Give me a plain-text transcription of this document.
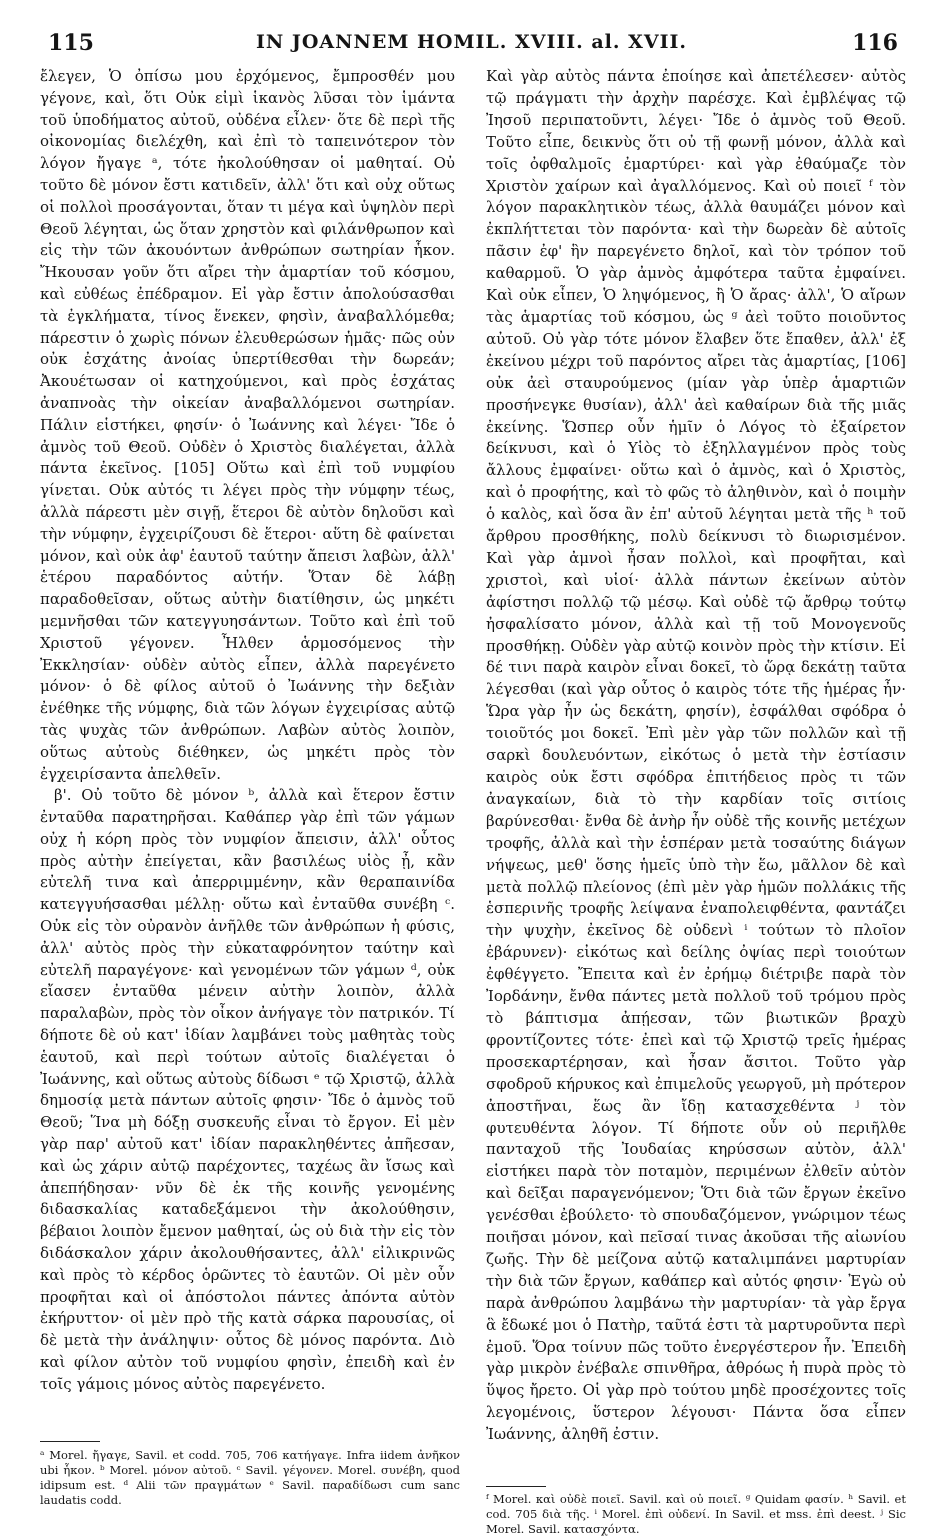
115	IN JOANNEM HOMIL. XVIII. al. XVII.	116

ἔλεγεν, Ὁ ὀπίσω μου ἐρχόμενος, ἔμπροσθέν μου γέγονε, καὶ, ὅτι Οὐκ εἰμὶ ἱκανὸς λῦσαι τὸν ἱμάντα τοῦ ὑποδήματος αὐτοῦ, οὐδένα εἶλεν· ὅτε δὲ περὶ τῆς οἰκονομίας διελέχθη, καὶ ἐπὶ τὸ ταπεινότερον τὸν λόγον ἤγαγε ᵃ, τότε ἠκολούθησαν οἱ μαθηταί. Οὐ τοῦτο δὲ μόνον ἔστι κατιδεῖν, ἀλλ' ὅτι καὶ οὐχ οὕτως οἱ πολλοὶ προσάγονται, ὅταν τι μέγα καὶ ὑψηλὸν περὶ Θεοῦ λέγηται, ὡς ὅταν χρηστὸν καὶ φιλάνθρωπον καὶ εἰς τὴν τῶν ἀκουόντων ἀνθρώπων σωτηρίαν ἧκον. Ἤκουσαν γοῦν ὅτι αἴρει τὴν ἁμαρτίαν τοῦ κόσμου, καὶ εὐθέως ἐπέδραμον. Εἰ γὰρ ἔστιν ἀπολούσασθαι τὰ ἐγκλήματα, τίνος ἕνεκεν, φησὶν, ἀναβαλλόμεθα; πάρεστιν ὁ χωρὶς πόνων ἐλευθερώσων ἡμᾶς· πῶς οὐν οὐκ ἐσχάτης ἀνοίας ὑπερτίθεσθαι τὴν δωρεάν; Ἀκουέτωσαν οἱ κατηχούμενοι, καὶ πρὸς ἐσχάτας ἀναπνοὰς τὴν οἰκείαν ἀναβαλλόμενοι σωτηρίαν. Πάλιν εἱστήκει, φησίν· ὁ Ἰωάννης καὶ λέγει· Ἴδε ὁ ἀμνὸς τοῦ Θεοῦ. Οὐδὲν ὁ Χριστὸς διαλέγεται, ἀλλὰ πάντα ἐκεῖνος. [105] Οὕτω καὶ ἐπὶ τοῦ νυμφίου γίνεται. Οὐκ αὐτός τι λέγει πρὸς τὴν νύμφην τέως, ἀλλὰ πάρεστι μὲν σιγῇ, ἕτεροι δὲ αὐτὸν δηλοῦσι καὶ τὴν νύμφην, ἐγχειρίζουσι δὲ ἕτεροι· αὕτη δὲ φαίνεται μόνον, καὶ οὐκ ἀφ' ἑαυτοῦ ταύτην ἄπεισι λαβὼν, ἀλλ' ἑτέρου παραδόντος αὐτήν. Ὅταν δὲ λάβῃ παραδοθεῖσαν, οὕτως αὐτὴν διατίθησιν, ὡς μηκέτι μεμνῆσθαι τῶν κατεγγυησάντων. Τοῦτο καὶ ἐπὶ τοῦ Χριστοῦ γέγονεν. Ἦλθεν ἁρμοσόμενος τὴν Ἐκκλησίαν· οὐδὲν αὐτὸς εἶπεν, ἀλλὰ παρεγένετο μόνον· ὁ δὲ φίλος αὐτοῦ ὁ Ἰωάννης τὴν δεξιὰν ἐνέθηκε τῆς νύμφης, διὰ τῶν λόγων ἐγχειρίσας αὐτῷ τὰς ψυχὰς τῶν ἀνθρώπων. Λαβὼν αὐτὸς λοιπὸν, οὕτως αὐτοὺς διέθηκεν, ὡς μηκέτι πρὸς τὸν ἐγχειρίσαντα ἀπελθεῖν.

β'. Οὐ τοῦτο δὲ μόνον ᵇ, ἀλλὰ καὶ ἕτερον ἔστιν ἐνταῦθα παρατηρῆσαι. Καθάπερ γὰρ ἐπὶ τῶν γάμων οὐχ ἡ κόρη πρὸς τὸν νυμφίον ἄπεισιν, ἀλλ' οὗτος πρὸς αὐτὴν ἐπείγεται, κἂν βασιλέως υἱὸς ᾖ, κἂν εὐτελῆ τινα καὶ ἀπερριμμένην, κἂν θεραπαινίδα κατεγγυήσασθαι μέλλῃ· οὕτω καὶ ἐνταῦθα συνέβη ᶜ. Οὐκ εἰς τὸν οὐρανὸν ἀνῆλθε τῶν ἀνθρώπων ἡ φύσις, ἀλλ' αὐτὸς πρὸς τὴν εὐκαταφρόνητον ταύτην καὶ εὐτελῆ παραγέγονε· καὶ γενομένων τῶν γάμων ᵈ, οὐκ εἴασεν ἐνταῦθα μένειν αὐτὴν λοιπὸν, ἀλλὰ παραλαβὼν, πρὸς τὸν οἶκον ἀνήγαγε τὸν πατρικόν. Τί δήποτε δὲ οὐ κατ' ἰδίαν λαμβάνει τοὺς μαθητὰς τοὺς ἑαυτοῦ, καὶ περὶ τούτων αὐτοῖς διαλέγεται ὁ Ἰωάννης, καὶ οὕτως αὐτοὺς δίδωσι ᵉ τῷ Χριστῷ, ἀλλὰ δημοσίᾳ μετὰ πάντων αὐτοῖς φησιν· Ἴδε ὁ ἀμνὸς τοῦ Θεοῦ; Ἵνα μὴ δόξῃ συσκευῆς εἶναι τὸ ἔργον. Εἰ μὲν γὰρ παρ' αὐτοῦ κατ' ἰδίαν παρακληθέντες ἀπῆεσαν, καὶ ὡς χάριν αὐτῷ παρέχοντες, ταχέως ἂν ἴσως καὶ ἀπεπήδησαν· νῦν δὲ ἐκ τῆς κοινῆς γενομένης διδασκαλίας καταδεξάμενοι τὴν ἀκολούθησιν, βέβαιοι λοιπὸν ἔμενον μαθηταί, ὡς οὐ διὰ τὴν εἰς τὸν διδάσκαλον χάριν ἀκολουθήσαντες, ἀλλ' εἰλικρινῶς καὶ πρὸς τὸ κέρδος ὁρῶντες τὸ ἑαυτῶν. Οἱ μὲν οὖν προφῆται καὶ οἱ ἀπόστολοι πάντες ἀπόντα αὐτὸν ἐκήρυττον· οἱ μὲν πρὸ τῆς κατὰ σάρκα παρουσίας, οἱ δὲ μετὰ τὴν ἀνάληψιν· οὗτος δὲ μόνος παρόντα. Διὸ καὶ φίλον αὐτὸν τοῦ νυμφίου φησὶν, ἐπειδὴ καὶ ἐν τοῖς γάμοις μόνος αὐτὸς παρεγένετο.

Καὶ γὰρ αὐτὸς πάντα ἐποίησε καὶ ἀπετέλεσεν· αὐτὸς τῷ πράγματι τὴν ἀρχὴν παρέσχε. Καὶ ἐμβλέψας τῷ Ἰησοῦ περιπατοῦντι, λέγει· Ἴδε ὁ ἀμνὸς τοῦ Θεοῦ. Τοῦτο εἶπε, δεικνὺς ὅτι οὐ τῇ φωνῇ μόνον, ἀλλὰ καὶ τοῖς ὀφθαλμοῖς ἐμαρτύρει· καὶ γὰρ ἐθαύμαζε τὸν Χριστὸν χαίρων καὶ ἀγαλλόμενος. Καὶ οὐ ποιεῖ ᶠ τὸν λόγον παρακλητικὸν τέως, ἀλλὰ θαυμάζει μόνον καὶ ἐκπλήττεται τὸν παρόντα· καὶ τὴν δωρεὰν δὲ αὐτοῖς πᾶσιν ἐφ' ἣν παρεγένετο δηλοῖ, καὶ τὸν τρόπον τοῦ καθαρμοῦ. Ὁ γὰρ ἀμνὸς ἀμφότερα ταῦτα ἐμφαίνει. Καὶ οὐκ εἶπεν, Ὁ ληψόμενος, ἢ Ὁ ἄρας· ἀλλ', Ὁ αἴρων τὰς ἁμαρτίας τοῦ κόσμου, ὡς ᵍ ἀεὶ τοῦτο ποιοῦντος αὐτοῦ. Οὐ γὰρ τότε μόνον ἔλαβεν ὅτε ἔπαθεν, ἀλλ' ἐξ ἐκείνου μέχρι τοῦ παρόντος αἴρει τὰς ἁμαρτίας, [106] οὐκ ἀεὶ σταυρούμενος (μίαν γὰρ ὑπὲρ ἁμαρτιῶν προσήνεγκε θυσίαν), ἀλλ' ἀεὶ καθαίρων διὰ τῆς μιᾶς ἐκείνης. Ὥσπερ οὖν ἡμῖν ὁ Λόγος τὸ ἐξαίρετον δείκνυσι, καὶ ὁ Υἱὸς τὸ ἐξηλλαγμένον πρὸς τοὺς ἄλλους ἐμφαίνει· οὕτω καὶ ὁ ἀμνὸς, καὶ ὁ Χριστὸς, καὶ ὁ προφήτης, καὶ τὸ φῶς τὸ ἀληθινὸν, καὶ ὁ ποιμὴν ὁ καλὸς, καὶ ὅσα ἂν ἐπ' αὐτοῦ λέγηται μετὰ τῆς ʰ τοῦ ἄρθρου προσθήκης, πολὺ δείκνυσι τὸ διωρισμένον. Καὶ γὰρ ἀμνοὶ ἦσαν πολλοὶ, καὶ προφῆται, καὶ χριστοὶ, καὶ υἱοί· ἀλλὰ πάντων ἐκείνων αὐτὸν ἀφίστησι πολλῷ τῷ μέσῳ. Καὶ οὐδὲ τῷ ἄρθρῳ τούτῳ ἠσφαλίσατο μόνον, ἀλλὰ καὶ τῇ τοῦ Μονογενοῦς προσθήκῃ. Οὐδὲν γὰρ αὐτῷ κοινὸν πρὸς τὴν κτίσιν. Εἰ δέ τινι παρὰ καιρὸν εἶναι δοκεῖ, τὸ ὥρᾳ δεκάτῃ ταῦτα λέγεσθαι (καὶ γὰρ οὗτος ὁ καιρὸς τότε τῆς ἡμέρας ἦν· Ὥρα γὰρ ἦν ὡς δεκάτη, φησίν), ἐσφάλθαι σφόδρα ὁ τοιοῦτός μοι δοκεῖ. Ἐπὶ μὲν γὰρ τῶν πολλῶν καὶ τῇ σαρκὶ δουλευόντων, εἰκότως ὁ μετὰ τὴν ἑστίασιν καιρὸς οὐκ ἔστι σφόδρα ἐπιτήδειος πρὸς τι τῶν ἀναγκαίων, διὰ τὸ τὴν καρδίαν τοῖς σιτίοις βαρύνεσθαι· ἔνθα δὲ ἀνὴρ ἦν οὐδὲ τῆς κοινῆς μετέχων τροφῆς, ἀλλὰ καὶ τὴν ἑσπέραν μετὰ τοσαύτης διάγων νήψεως, μεθ' ὅσης ἡμεῖς ὑπὸ τὴν ἕω, μᾶλλον δὲ καὶ μετὰ πολλῷ πλείονος (ἐπὶ μὲν γὰρ ἡμῶν πολλάκις τῆς ἑσπερινῆς τροφῆς λείψανα ἐναπολειφθέντα, φαντάζει τὴν ψυχὴν, ἐκεῖνος δὲ οὐδενὶ ⁱ τούτων τὸ πλοῖον ἐβάρυνεν)· εἰκότως καὶ δείλης ὀψίας περὶ τοιούτων ἐφθέγγετο. Ἔπειτα καὶ ἐν ἐρήμῳ διέτριβε παρὰ τὸν Ἰορδάνην, ἔνθα πάντες μετὰ πολλοῦ τοῦ τρόμου πρὸς τὸ βάπτισμα ἀπῄεσαν, τῶν βιωτικῶν βραχὺ φροντίζοντες τότε· ἐπεὶ καὶ τῷ Χριστῷ τρεῖς ἡμέρας προσεκαρτέρησαν, καὶ ἦσαν ἄσιτοι. Τοῦτο γὰρ σφοδροῦ κήρυκος καὶ ἐπιμελοῦς γεωργοῦ, μὴ πρότερον ἀποστῆναι, ἕως ἂν ἴδῃ κατασχεθέντα ʲ τὸν φυτευθέντα λόγον. Τί δήποτε οὖν οὐ περιῆλθε πανταχοῦ τῆς Ἰουδαίας κηρύσσων αὐτὸν, ἀλλ' εἱστήκει παρὰ τὸν ποταμὸν, περιμένων ἐλθεῖν αὐτὸν καὶ δεῖξαι παραγενόμενον; Ὅτι διὰ τῶν ἔργων ἐκεῖνο γενέσθαι ἐβούλετο· τὸ σπουδαζόμενον, γνώριμον τέως ποιῆσαι μόνον, καὶ πεῖσαί τινας ἀκοῦσαι τῆς αἰωνίου ζωῆς. Τὴν δὲ μείζονα αὐτῷ καταλιμπάνει μαρτυρίαν τὴν διὰ τῶν ἔργων, καθάπερ καὶ αὐτός φησιν· Ἐγὼ οὐ παρὰ ἀνθρώπου λαμβάνω τὴν μαρτυρίαν· τὰ γὰρ ἔργα ἃ ἔδωκέ μοι ὁ Πατὴρ, ταῦτά ἐστι τὰ μαρτυροῦντα περὶ ἐμοῦ. Ὅρα τοίνυν πῶς τοῦτο ἐνεργέστερον ἦν. Ἐπειδὴ γὰρ μικρὸν ἐνέβαλε σπινθῆρα, ἀθρόως ἡ πυρὰ πρὸς τὸ ὕψος ἤρετο. Οἱ γὰρ πρὸ τούτου μηδὲ προσέχοντες τοῖς λεγομένοις, ὕστερον λέγουσι· Πάντα ὅσα εἶπεν Ἰωάννης, ἀληθῆ ἐστιν.

ᵃ Morel. ἤγαγε, Savil. et codd. 705, 706 κατήγαγε. Infra iidem ἀνῆκον ubi ἧκον. ᵇ Morel. μόνον αὐτοῦ. ᶜ Savil. γέγονεν. Morel. συνέβη, quod idipsum est. ᵈ Alii τῶν πραγμάτων ᵉ Savil. παραδίδωσι cum sanc laudatis codd.	ᶠ Morel. καὶ οὐδὲ ποιεῖ. Savil. καὶ οὐ ποιεῖ. ᵍ Quidam φασίν. ʰ Savil. et cod. 705 διὰ τῆς. ⁱ Morel. ἐπὶ οὐδενί. In Savil. et mss. ἐπὶ deest. ʲ Sic Morel. Savil. κατασχόντα.
